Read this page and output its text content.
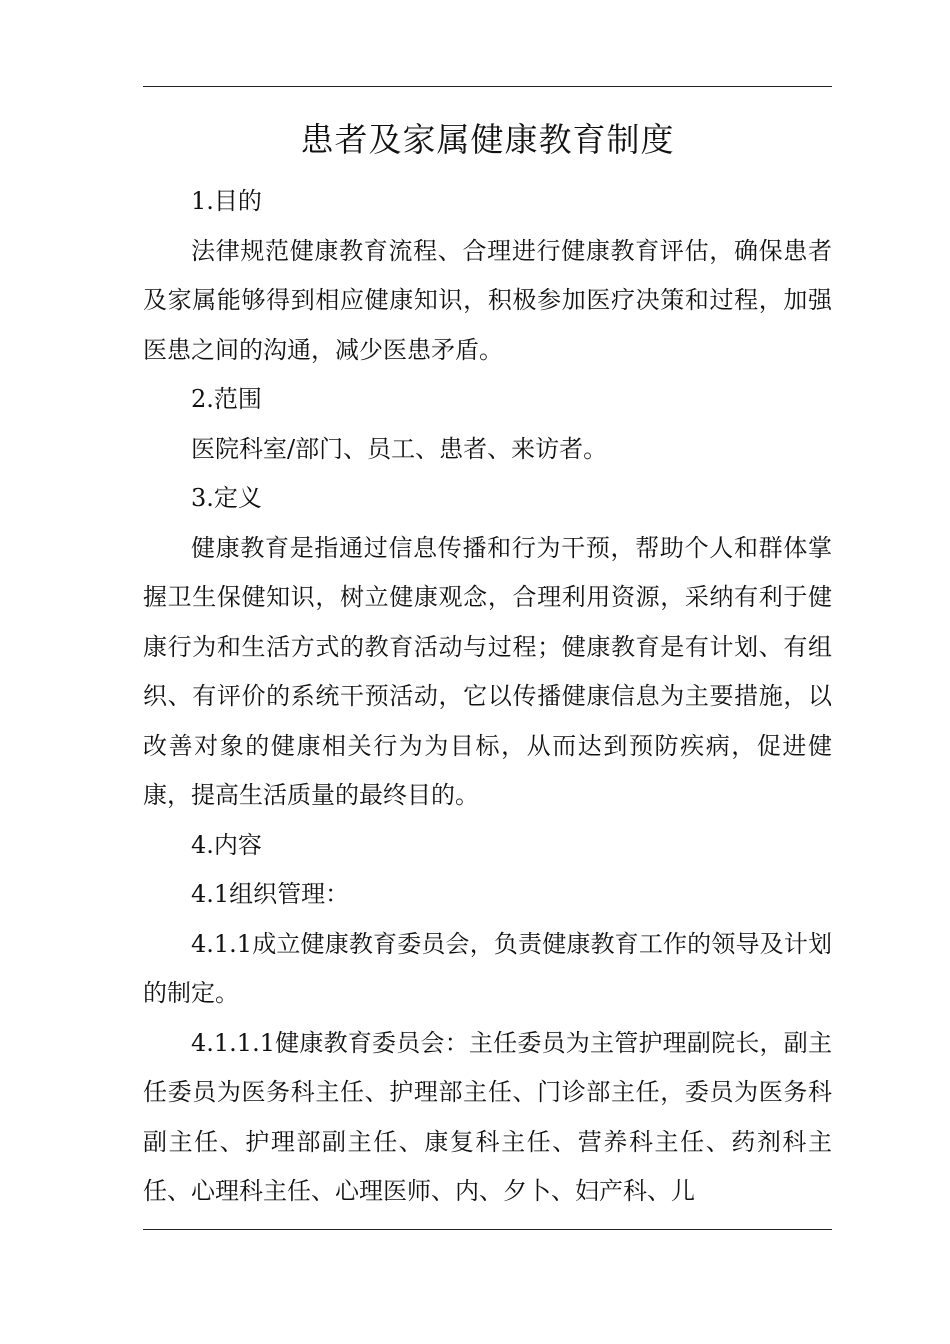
患者及家属健康教育制度

1.目的

法律规范健康教育流程、合理进行健康教育评估，确保患者及家属能够得到相应健康知识，积极参加医疗决策和过程，加强医患之间的沟通，减少医患矛盾。

2.范围

医院科室/部门、员工、患者、来访者。

3.定义

健康教育是指通过信息传播和行为干预，帮助个人和群体掌握卫生保健知识，树立健康观念，合理利用资源，采纳有利于健康行为和生活方式的教育活动与过程；健康教育是有计划、有组织、有评价的系统干预活动，它以传播健康信息为主要措施，以改善对象的健康相关行为为目标，从而达到预防疾病，促进健康，提高生活质量的最终目的。

4.内容

4.1组织管理：

4.1.1成立健康教育委员会，负责健康教育工作的领导及计划的制定。

4.1.1.1健康教育委员会：主任委员为主管护理副院长，副主任委员为医务科主任、护理部主任、门诊部主任，委员为医务科副主任、护理部副主任、康复科主任、营养科主任、药剂科主任、心理科主任、心理医师、内、夕卜、妇产科、儿
